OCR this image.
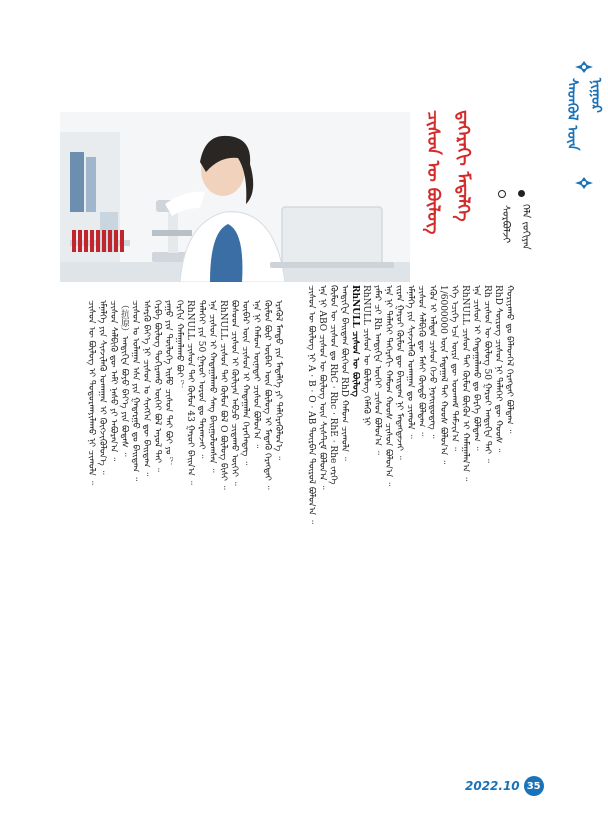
ᠰᠡᠳᠬᠦᠯ ᠦᠨ ᠨᠢᠭᠤᠷ
ᠴᠢᠰᠤᠨ ᠦ ᠪᠦᠯᠦᠭ ᠳ᠋ᠡᠭᠡᠷᠡᠬᠢ ᠮᠡᠳᠡᠯᠭᠡ
ᠰᠤᠷᠪᠤᠯᠵᠢ ᠬᠡᠯᠡ ᠵᠣᠬᠢᠶᠠᠨ
ᠴᠢᠰᠤᠨ ᠦ ᠪᠦᠯᠦᠭ ᠨᠢ A · B · O · AB ᠳᠦᠷᠪᠡᠨ ᠲᠥᠷᠥᠯ ᠪᠣᠯᠤᠨ᠎ᠠ ᠃ ᠡᠨᠡ ᠨᠢ ABO ᠴᠢᠰᠤᠨ ᠦ ᠪᠦᠯᠦᠭ ᠦᠨ ᠰᠢᠰᠲᠧᠮ ᠪᠣᠯᠤᠨ᠎ᠠ ᠃ ᠬᠦᠮᠦᠨ ᠦ ᠴᠢᠰᠤᠨ ᠳᠤ RhC · Rhc · RhE · Rhe ᠵᠡᠷᠭᠡ ᠠᠨᠲᠢᠭᠧᠨ ᠪᠠᠢᠳᠠᠭ ᠪᠥᠭᠡᠳ RhD ᠬᠠᠮᠤᠭ ᠴᠢᠬᠤᠯᠠ ᠃ RhNULL ᠴᠢᠰᠤᠨ ᠦ ᠪᠦᠯᠦᠭ RhNULL ᠴᠢᠰᠤᠨ ᠦ ᠪᠦᠯᠦᠭ ᠬᠡᠮᠡᠬᠦ ᠨᠢ ᠶᠠᠮᠠᠷ ᠴᠢ Rh ᠠᠨᠲᠢᠭᠧᠨ ᠦᠭᠡᠢ ᠴᠢᠰᠤᠨ ᠪᠣᠯᠤᠨ᠎ᠠ ᠃ ᠡᠨᠡ ᠨᠢ ᠳᠡᠯᠡᠬᠡᠢ ᠳᠡᠭᠡᠷᠡᠬᠢ ᠬᠠᠮᠤᠭ ᠬᠣᠤᠰ ᠴᠢᠰᠤᠨ ᠪᠣᠯᠤᠨ᠎ᠠ ᠃ ᠵᠢᠷᠠᠨ ᠭᠠᠷᠤᠢ ᠬᠦᠮᠦᠨ ᠳᠦ ᠪᠠᠢᠳᠠᠭ ᠨᠢ ᠮᠡᠳᠡᠭᠳᠡᠵᠡᠢ ᠃ ᠡᠮᠨᠡᠯᠭᠡ ᠶᠢᠨ ᠰᠢᠨᠵᠢᠯᠡᠬᠦ ᠤᠬᠠᠭᠠᠨ ᠳᠤ ᠴᠢᠬᠤᠯᠠ ᠃ ᠴᠢᠰᠤᠨ ᠰᠡᠯᠪᠢᠬᠦ ᠳᠦ ᠮᠠᠰᠢ ᠬᠦᠨᠳᠦ ᠪᠣᠯᠳᠠᠭ ᠃ ᠡᠭᠦᠨ ᠢ ᠠᠯᠲᠠᠨ ᠴᠢᠰᠤᠨ ᠭᠡᠵᠦ ᠨᠡᠷᠡᠢᠳᠦᠳᠡᠭ ᠃ 1/6000000 ᠦᠨ ᠮᠠᠳᠠᠭᠠᠯ ᠲᠠᠢ ᠬᠣᠤᠰ ᠪᠣᠯᠤᠨ᠎ᠠ ᠃ ᠡᠬᠡ ᠡᠴᠢᠭᠡ ᠡᠴᠡ ᠦᠷᠡ ᠳᠦ ᠤᠳᠬᠠᠮ ᠳᠠᠮᠵᠢᠨ᠎ᠠ ᠃ RhNULL ᠴᠢᠰᠤᠨ ᠲᠠᠢ ᠬᠦᠮᠦᠨ ᠪᠦᠬᠦᠨ ᠢ ᠬᠠᠮᠠᠭᠠᠯᠠᠨ᠎ᠠ ᠃ ᠡᠨᠡ ᠴᠢᠰᠤᠨ ᠢ ᠬᠠᠳᠠᠭᠠᠯᠠᠬᠤ ᠳᠤ ᠪᠡᠷᠬᠡ ᠪᠣᠯᠳᠠᠭ ᠃ Rh ᠴᠢᠰᠤᠨ ᠦ ᠪᠦᠯᠦᠭ 50 ᠭᠠᠷᠤᠢ ᠠᠨᠲᠢᠭᠧᠨ ᠲᠠᠢ ᠃ RhD ᠰᠥᠷᠥᠭ ᠴᠢᠰᠤᠨ ᠨᠢ ᠳᠡᠯᠡᠬᠡᠢ ᠳᠦ ᠬᠣᠤᠰ ᠃ ᠬᠤᠷᠢᠶᠠᠬᠤ ᠳᠤ ᠪᠡᠯᠡᠳᠬᠡᠯ ᠬᠡᠷᠡᠭᠲᠡᠢ ᠪᠣᠯᠳᠠᠭ ᠃
ᠴᠢᠰᠤᠨ ᠦ ᠪᠦᠯᠦᠭ ᠢ ᠲᠣᠳᠤᠷᠬᠠᠶᠢᠯᠠᠬᠤ ᠨᠢ ᠴᠢᠬᠤᠯᠠ ᠃ ᠡᠮᠨᠡᠯᠭᠡ ᠶᠢᠨ ᠰᠢᠨᠵᠢᠯᠡᠬᠦ ᠤᠬᠠᠭᠠᠨ ᠢ ᠬᠥᠭᠵᠢᠭᠦᠯᠦᠨ᠎ᠡ ᠃ ᠴᠢᠰᠤᠨ ᠰᠡᠯᠪᠢᠬᠦ ᠳᠦ ᠠᠮᠢ ᠨᠠᠰᠤ ᠶᠢ ᠠᠪᠤᠷᠠᠨ᠎ᠠ ᠃ （抗原）ᠠᠨᠲᠢᠭᠧᠨ ᠪᠤᠶᠤ ᠪᠡᠶ᠎ᠡ ᠶᠢᠨ ᠪᠣᠳᠠᠰ ᠃ ᠴᠢᠰᠤᠨ ᠤ ᠤᠯᠠᠭᠠᠨ ᠡᠰᠡ ᠶᠢᠨ ᠭᠠᠳᠠᠷᠭᠤ ᠳᠤ ᠪᠠᠢᠳᠠᠭ ᠃ ᠡᠰᠡᠷᠭᠦ ᠪᠡᠶ᠎ᠡ ᠨᠢ ᠴᠢᠰᠤᠨ ᠤ ᠰᠢᠩᠭᠡᠨ ᠳᠦ ᠪᠠᠢᠳᠠᠭ ᠃ ᠬᠡᠷᠪᠡ ᠪᠦᠯᠦᠭ ᠲᠣᠬᠢᠷᠠᠬᠤ ᠦᠭᠡᠢ ᠪᠣᠯ ᠠᠶᠤᠯ ᠲᠠᠢ ᠃ ᠶᠠᠭᠤ ᠶᠢᠨ ᠲᠥᠯᠥᠭᠡ ᠡᠢᠮᠦ ᠴᠢᠰᠤᠨ ᠲᠠᠢ ᠪᠣᠢ ᠶᠤ ？ ᠬᠡᠷᠬᠢᠨ ᠬᠠᠮᠠᠭᠠᠯᠠᠬᠤ ᠪᠣᠢ ？ RhNULL ᠴᠢᠰᠤᠨ ᠲᠠᠢ ᠬᠦᠮᠦᠨ 43 ᠭᠠᠷᠤᠢ ᠪᠠᠢᠨ᠎ᠠ ᠃ ᠳᠡᠯᠡᠬᠡᠢ ᠶᠢᠨ 50 ᠭᠠᠷᠤᠢ ᠣᠷᠤᠨ ᠳᠤ ᠲᠠᠷᠬᠠᠵᠠᠢ ᠃ ᠡᠨᠡ ᠴᠢᠰᠤᠨ ᠢ ᠬᠠᠳᠠᠭᠠᠯᠠᠬᠤ ᠰᠠᠩ ᠪᠠᠢᠭᠤᠯᠤᠭᠰᠠᠨ ᠃ RhNULL ᠴᠢᠰᠤᠨ ᠲᠠᠢ ᠬᠦᠮᠦᠨ ᠪᠣᠯ O ᠪᠦᠯᠦᠭ ᠪᠢᠰᠢ ᠃ ᠪᠤᠰᠤᠳ ᠴᠢᠰᠤᠨ ᠢ ᠬᠦᠯᠢᠶᠡᠨ ᠠᠪᠴᠤ ᠴᠢᠳᠠᠬᠤ ᠦᠭᠡᠢ ᠃ ᠥᠪᠡᠷ ᠦᠨ ᠴᠢᠰᠤᠨ ᠢ ᠬᠠᠳᠠᠭᠠᠯᠠᠨ ᠬᠡᠷᠡᠭᠯᠡᠳᠡᠭ ᠃ ᠡᠨᠡ ᠨᠢ ᠬᠠᠮᠤᠭ ᠦᠨᠡᠲᠡᠢ ᠴᠢᠰᠤᠨ ᠪᠣᠯᠤᠨ᠎ᠠ ᠃ ᠬᠦᠮᠦᠨ ᠪᠦᠷ ᠥᠪᠡᠷ ᠦᠨ ᠪᠦᠯᠦᠭ ᠢ ᠮᠡᠳᠡᠬᠦ ᠬᠡᠷᠡᠭᠲᠡᠢ ᠃ ᠡᠷᠡᠭᠦᠯ ᠮᠡᠨᠳᠦ ᠶᠢᠨ ᠮᠡᠳᠡᠯᠭᠡ ᠶᠢ ᠳᠡᠯᠭᠡᠷᠡᠭᠦᠯᠦᠨ᠎ᠡ ᠃
2022.10 35
